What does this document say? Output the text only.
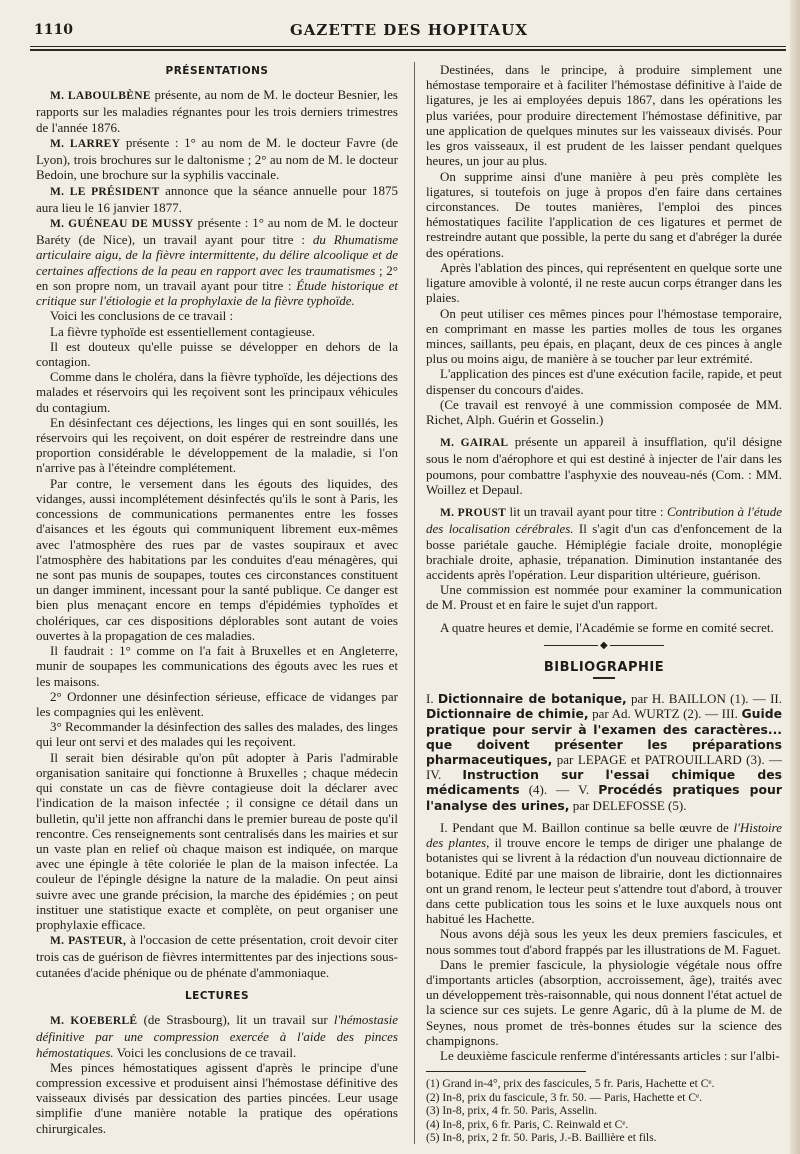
1110	GAZETTE DES HOPITAUX
PRÉSENTATIONS

M. LABOULBÈNE présente, au nom de M. le docteur Besnier, les rapports sur les maladies régnantes pour les trois derniers trimestres de l'année 1876.

M. LARREY présente : 1° au nom de M. le docteur Favre (de Lyon), trois brochures sur le daltonisme ; 2° au nom de M. le docteur Bedoin, une brochure sur la syphilis vaccinale.

M. LE PRÉSIDENT annonce que la séance annuelle pour 1875 aura lieu le 16 janvier 1877.

M. GUÉNEAU DE MUSSY présente : 1° au nom de M. le docteur Baréty (de Nice), un travail ayant pour titre : du Rhumatisme articulaire aigu, de la fièvre intermittente, du délire alcoolique et de certaines affections de la peau en rapport avec les traumatismes ; 2° en son propre nom, un travail ayant pour titre : Étude historique et critique sur l'étiologie et la prophylaxie de la fièvre typhoïde.

Voici les conclusions de ce travail :

La fièvre typhoïde est essentiellement contagieuse.

Il est douteux qu'elle puisse se développer en dehors de la contagion.

Comme dans le choléra, dans la fièvre typhoïde, les déjections des malades et réservoirs qui les reçoivent sont les principaux véhicules du contagium.

En désinfectant ces déjections, les linges qui en sont souillés, les réservoirs qui les reçoivent, on doit espérer de restreindre dans une proportion considérable le développement de la maladie, si l'on n'arrive pas à l'éteindre complétement.

Par contre, le versement dans les égouts des liquides, des vidanges, aussi incomplétement désinfectés qu'ils le sont à Paris, les concessions de communications permanentes entre les fosses d'aisances et les égouts qui communiquent librement eux-mêmes avec l'atmosphère des rues par de vastes soupiraux et avec l'atmosphère des habitations par les conduites d'eau ménagères, qui ne sont pas munis de soupapes, toutes ces circonstances constituent un danger imminent, incessant pour la santé publique. Ce danger est bien plus menaçant encore en temps d'épidémies typhoïdes et cholériques, car ces dispositions déplorables sont autant de voies ouvertes à la propagation de ces maladies.

Il faudrait : 1° comme on l'a fait à Bruxelles et en Angleterre, munir de soupapes les communications des égouts avec les rues et les maisons.

2° Ordonner une désinfection sérieuse, efficace de vidanges par les compagnies qui les enlèvent.

3° Recommander la désinfection des salles des malades, des linges qui leur ont servi et des malades qui les reçoivent.

Il serait bien désirable qu'on pût adopter à Paris l'admirable organisation sanitaire qui fonctionne à Bruxelles ; chaque médecin qui constate un cas de fièvre contagieuse doit la déclarer avec l'indication de la maison infectée ; il consigne ce détail dans un bulletin, qu'il jette non affranchi dans le premier bureau de poste qu'il rencontre. Ces renseignements sont centralisés dans les mairies et sur un vaste plan en relief où chaque maison est indiquée, on marque avec une épingle à tête coloriée le plan de la maison infectée. La couleur de l'épingle désigne la nature de la maladie. On peut ainsi suivre avec une grande précision, la marche des épidémies ; on peut instituer une statistique exacte et complète, on peut organiser une prophylaxie efficace.

M. PASTEUR, à l'occasion de cette présentation, croit devoir citer trois cas de guérison de fièvres intermittentes par des injections sous-cutanées d'acide phénique ou de phénate d'ammoniaque.

LECTURES

M. KOEBERLÉ (de Strasbourg), lit un travail sur l'hémostasie définitive par une compression exercée à l'aide des pinces hémostatiques. Voici les conclusions de ce travail.

Mes pinces hémostatiques agissent d'après le principe d'une compression excessive et produisent ainsi l'hémostase définitive des vaisseaux divisés par dessication des parties pincées. Leur usage simplifie d'une manière notable la pratique des opérations chirurgicales.

Destinées, dans le principe, à produire simplement une hémostase temporaire et à faciliter l'hémostase définitive à l'aide de ligatures, je les ai employées depuis 1867, dans les opérations les plus variées, pour produire directement l'hémostase définitive, par une application de quelques minutes sur les vaisseaux divisés. Pour les gros vaisseaux, il est prudent de les laisser pendant quelques heures, un jour au plus.

On supprime ainsi d'une manière à peu près complète les ligatures, si toutefois on juge à propos d'en faire dans certaines circonstances. De toutes manières, l'emploi des pinces hémostatiques facilite l'application de ces ligatures et permet de restreindre autant que possible, la perte du sang et d'abréger la durée des opérations.

Après l'ablation des pinces, qui représentent en quelque sorte une ligature amovible à volonté, il ne reste aucun corps étranger dans les plaies.

On peut utiliser ces mêmes pinces pour l'hémostase temporaire, en comprimant en masse les parties molles de tous les organes minces, saillants, peu épais, en plaçant, deux de ces pinces à angle plus ou moins aigu, de manière à se toucher par leur extrémité.

L'application des pinces est d'une exécution facile, rapide, et peut dispenser du concours d'aides.

(Ce travail est renvoyé à une commission composée de MM. Richet, Alph. Guérin et Gosselin.)

M. GAIRAL présente un appareil à insufflation, qu'il désigne sous le nom d'aérophore et qui est destiné à injecter de l'air dans les poumons, pour combattre l'asphyxie des nouveau-nés (Com. : MM. Woillez et Depaul.

M. PROUST lit un travail ayant pour titre : Contribution à l'étude des localisation cérébrales. Il s'agit d'un cas d'enfoncement de la bosse pariétale gauche. Hémiplégie faciale droite, monoplégie brachiale droite, aphasie, trépanation. Diminution instantanée des accidents après l'opération. Leur disparition ultérieure, guérison.

Une commission est nommée pour examiner la communication de M. Proust et en faire le sujet d'un rapport.

A quatre heures et demie, l'Académie se forme en comité secret.

◆
BIBLIOGRAPHIE

I. Dictionnaire de botanique, par H. BAILLON (1). — II. Dictionnaire de chimie, par Ad. WURTZ (2). — III. Guide pratique pour servir à l'examen des caractères... que doivent présenter les préparations pharmaceutiques, par LEPAGE et PATROUILLARD (3). — IV. Instruction sur l'essai chimique des médicaments (4). — V. Procédés pratiques pour l'analyse des urines, par DELEFOSSE (5).

I. Pendant que M. Baillon continue sa belle œuvre de l'Histoire des plantes, il trouve encore le temps de diriger une phalange de botanistes qui se livrent à la rédaction d'un nouveau dictionnaire de botanique. Edité par une maison de librairie, dont les dictionnaires ont un grand renom, le lecteur peut s'attendre tout d'abord, à trouver dans cette publication tous les soins et le luxe auxquels nous ont habitué les Hachette.

Nous avons déjà sous les yeux les deux premiers fascicules, et nous sommes tout d'abord frappés par les illustrations de M. Faguet.

Dans le premier fascicule, la physiologie végétale nous offre d'importants articles (absorption, accroissement, âge), traités avec un développement très-raisonnable, qui nous donnent l'état actuel de la science sur ces sujets. Le genre Agaric, dû à la plume de M. de Seynes, nous promet de très-bonnes études sur la science des champignons.

Le deuxième fascicule renferme d'intéressants articles : sur l'albi-

(1) Grand in-4°, prix des fascicules, 5 fr. Paris, Hachette et Cᵉ.

(2) In-8, prix du fascicule, 3 fr. 50. — Paris, Hachette et Cᵉ.

(3) In-8, prix, 4 fr. 50. Paris, Asselin.

(4) In-8, prix, 6 fr. Paris, C. Reinwald et Cᵉ.

(5) In-8, prix, 2 fr. 50. Paris, J.-B. Baillière et fils.
